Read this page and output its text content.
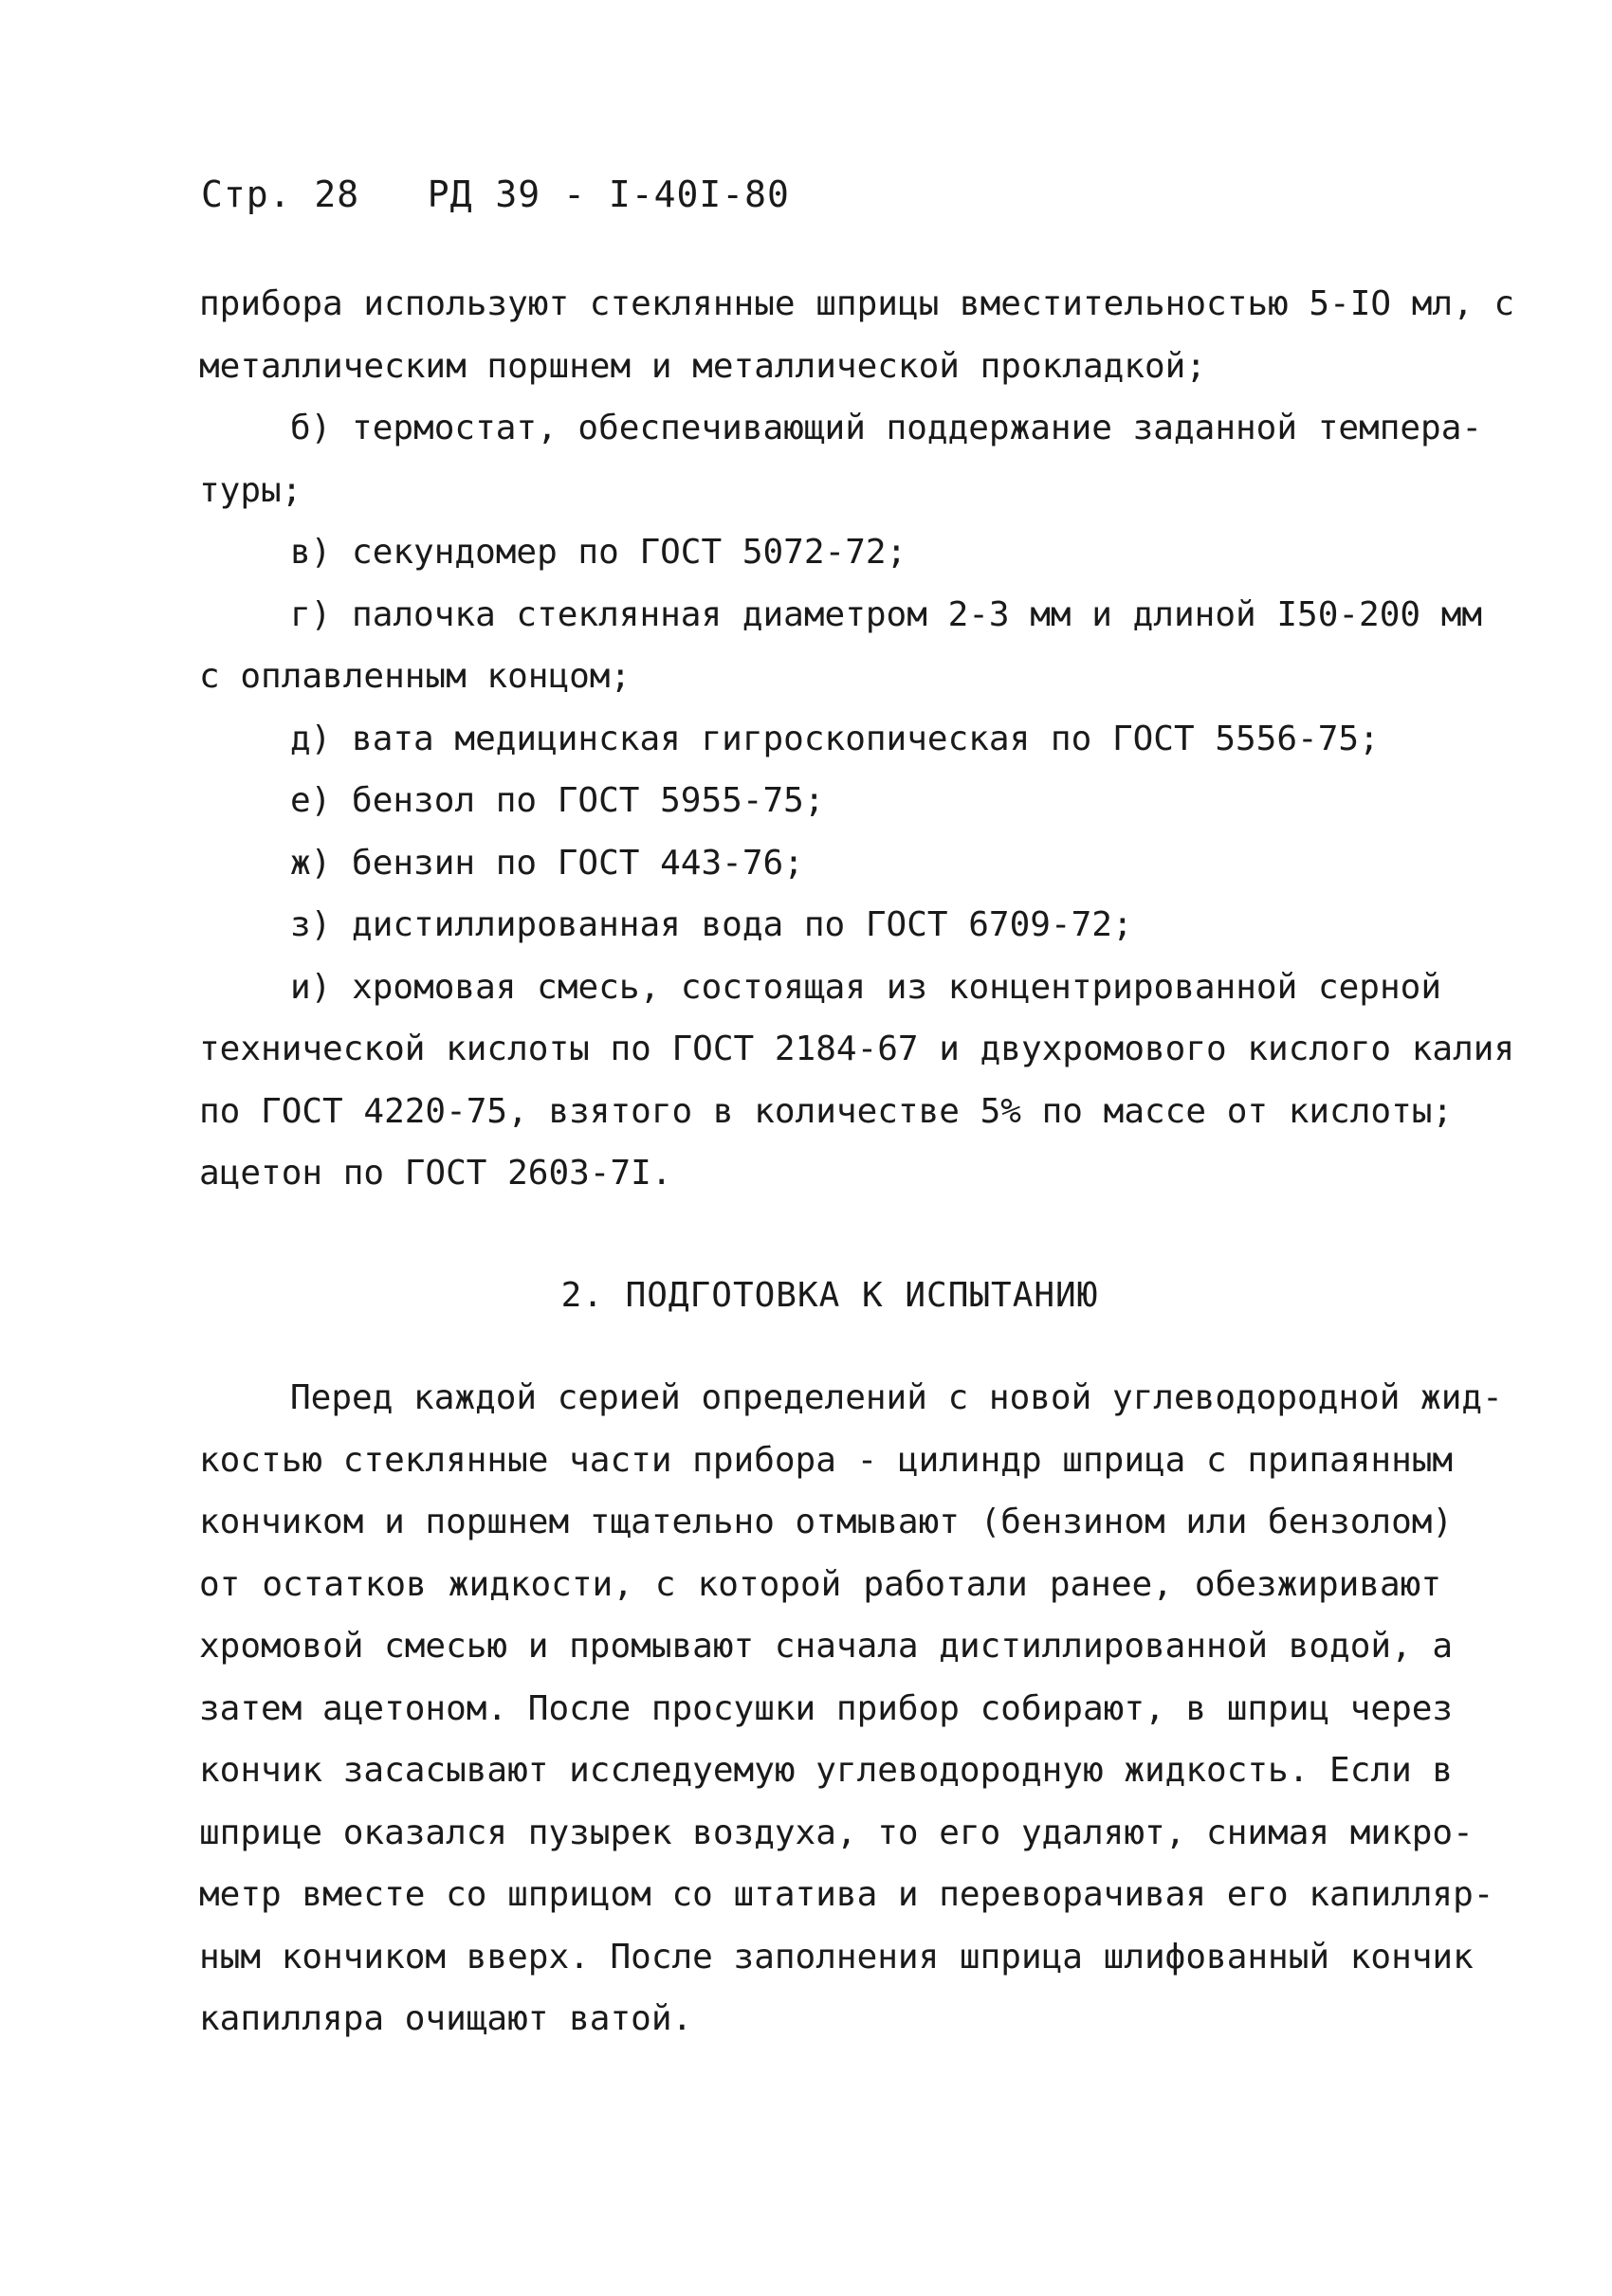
Стр. 28 РД 39 - I-40I-80
прибора используют стеклянные шприцы вместительностью 5-IO мл, с
металлическим поршнем и металлической прокладкой;
б) термостат, обеспечивающий поддержание заданной темпера-
туры;
в) секундомер по ГОСТ 5072-72;
г) палочка стеклянная диаметром 2-3 мм и длиной I50-200 мм
с оплавленным концом;
д) вата медицинская гигроскопическая по ГОСТ 5556-75;
е) бензол по ГОСТ 5955-75;
ж) бензин по ГОСТ 443-76;
з) дистиллированная вода по ГОСТ 6709-72;
и) хромовая смесь, состоящая из концентрированной серной
технической кислоты по ГОСТ 2184-67 и двухромового кислого калия
по ГОСТ 4220-75, взятого в количестве 5% по массе от кислоты;
ацетон по ГОСТ 2603-7I.
2. ПОДГОТОВКА К ИСПЫТАНИЮ
Перед каждой серией определений с новой углеводородной жид-
костью стеклянные части прибора - цилиндр шприца с припаянным
кончиком и поршнем тщательно отмывают (бензином или бензолом)
от остатков жидкости, с которой работали ранее, обезжиривают
хромовой смесью и промывают сначала дистиллированной водой, а
затем ацетоном. После просушки прибор собирают, в шприц через
кончик засасывают исследуемую углеводородную жидкость. Если в
шприце оказался пузырек воздуха, то его удаляют, снимая микро-
метр вместе со шприцом со штатива и переворачивая его капилляр-
ным кончиком вверх. После заполнения шприца шлифованный кончик
капилляра очищают ватой.
